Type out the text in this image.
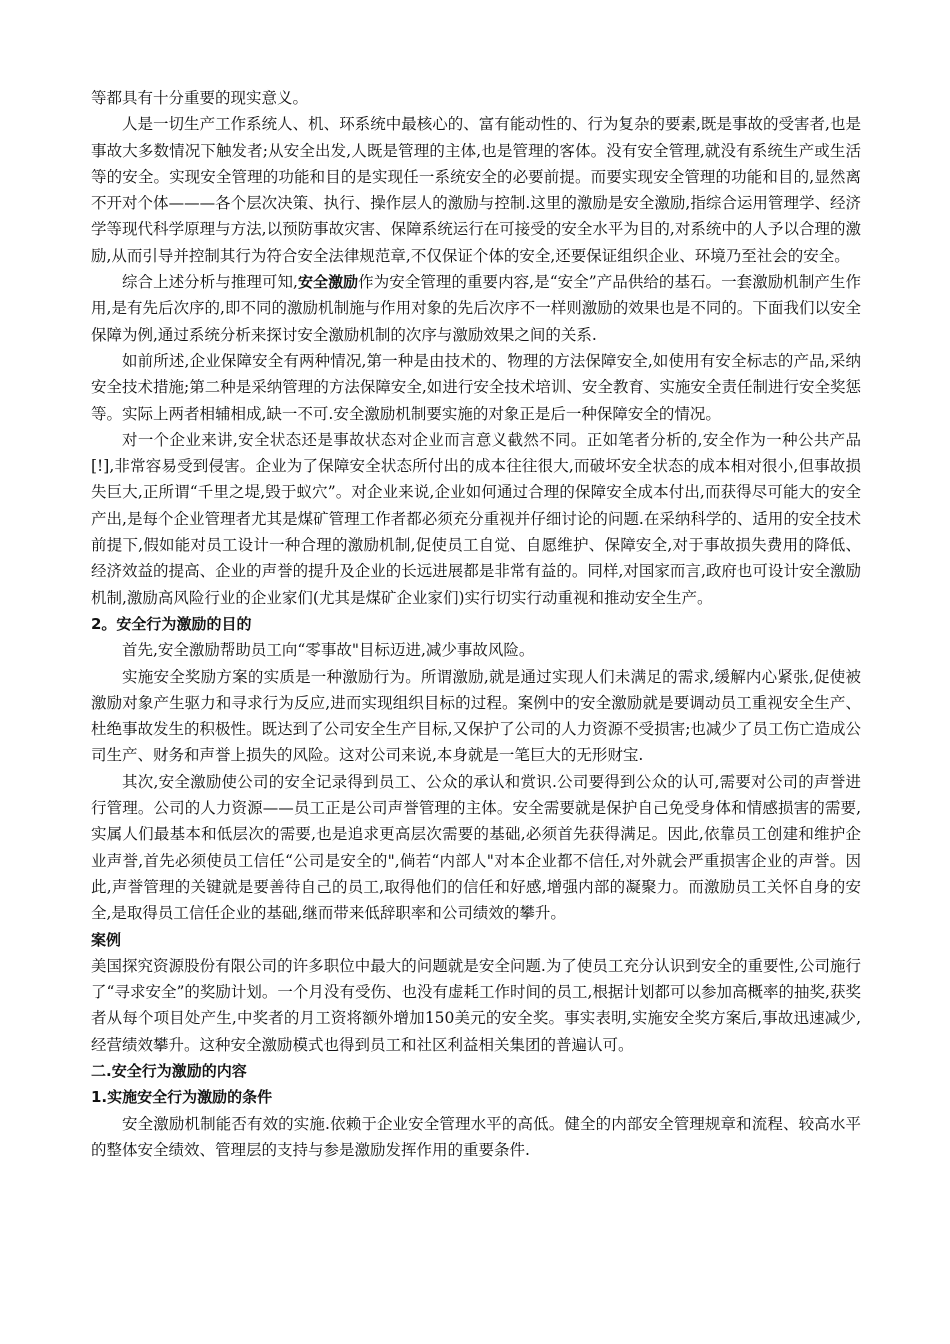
等都具有十分重要的现实意义。

人是一切生产工作系统人、机、环系统中最核心的、富有能动性的、行为复杂的要素,既是事故的受害者,也是事故大多数情况下触发者;从安全出发,人既是管理的主体,也是管理的客体。没有安全管理,就没有系统生产或生活等的安全。实现安全管理的功能和目的是实现任一系统安全的必要前提。而要实现安全管理的功能和目的,显然离不开对个体———各个层次决策、执行、操作层人的激励与控制.这里的激励是安全激励,指综合运用管理学、经济学等现代科学原理与方法,以预防事故灾害、保障系统运行在可接受的安全水平为目的,对系统中的人予以合理的激励,从而引导并控制其行为符合安全法律规范章,不仅保证个体的安全,还要保证组织企业、环境乃至社会的安全。

综合上述分析与推理可知,安全激励作为安全管理的重要内容,是“安全”产品供给的基石。一套激励机制产生作用,是有先后次序的,即不同的激励机制施与作用对象的先后次序不一样则激励的效果也是不同的。下面我们以安全保障为例,通过系统分析来探讨安全激励机制的次序与激励效果之间的关系.

如前所述,企业保障安全有两种情况,第一种是由技术的、物理的方法保障安全,如使用有安全标志的产品,采纳安全技术措施;第二种是采纳管理的方法保障安全,如进行安全技术培训、安全教育、实施安全责任制进行安全奖惩等。实际上两者相辅相成,缺一不可.安全激励机制要实施的对象正是后一种保障安全的情况。

对一个企业来讲,安全状态还是事故状态对企业而言意义截然不同。正如笔者分析的,安全作为一种公共产品[!],非常容易受到侵害。企业为了保障安全状态所付出的成本往往很大,而破坏安全状态的成本相对很小,但事故损失巨大,正所谓“千里之堤,毁于蚁穴”。对企业来说,企业如何通过合理的保障安全成本付出,而获得尽可能大的安全产出,是每个企业管理者尤其是煤矿管理工作者都必须充分重视并仔细讨论的问题.在采纳科学的、适用的安全技术前提下,假如能对员工设计一种合理的激励机制,促使员工自觉、自愿维护、保障安全,对于事故损失费用的降低、经济效益的提高、企业的声誉的提升及企业的长远进展都是非常有益的。同样,对国家而言,政府也可设计安全激励机制,激励高风险行业的企业家们(尤其是煤矿企业家们)实行切实行动重视和推动安全生产。

2。安全行为激励的目的

首先,安全激励帮助员工向“零事故"目标迈进,减少事故风险。

实施安全奖励方案的实质是一种激励行为。所谓激励,就是通过实现人们未满足的需求,缓解内心紧张,促使被激励对象产生驱力和寻求行为反应,进而实现组织目标的过程。案例中的安全激励就是要调动员工重视安全生产、杜绝事故发生的积极性。既达到了公司安全生产目标,又保护了公司的人力资源不受损害;也减少了员工伤亡造成公司生产、财务和声誉上损失的风险。这对公司来说,本身就是一笔巨大的无形财宝.

其次,安全激励使公司的安全记录得到员工、公众的承认和赏识.公司要得到公众的认可,需要对公司的声誉进行管理。公司的人力资源——员工正是公司声誉管理的主体。安全需要就是保护自己免受身体和情感损害的需要,实属人们最基本和低层次的需要,也是追求更高层次需要的基础,必须首先获得满足。因此,依靠员工创建和维护企业声誉,首先必须使员工信任“公司是安全的",倘若“内部人"对本企业都不信任,对外就会严重损害企业的声誉。因此,声誉管理的关键就是要善待自己的员工,取得他们的信任和好感,增强内部的凝聚力。而激励员工关怀自身的安全,是取得员工信任企业的基础,继而带来低辞职率和公司绩效的攀升。

案例

美国探究资源股份有限公司的许多职位中最大的问题就是安全问题.为了使员工充分认识到安全的重要性,公司施行了“寻求安全”的奖励计划。一个月没有受伤、也没有虚耗工作时间的员工,根据计划都可以参加高概率的抽奖,获奖者从每个项目处产生,中奖者的月工资将额外增加150美元的安全奖。事实表明,实施安全奖方案后,事故迅速减少,经营绩效攀升。这种安全激励模式也得到员工和社区利益相关集团的普遍认可。

二.安全行为激励的内容

1.实施安全行为激励的条件

安全激励机制能否有效的实施.依赖于企业安全管理水平的高低。健全的内部安全管理规章和流程、较高水平的整体安全绩效、管理层的支持与参是激励发挥作用的重要条件.
